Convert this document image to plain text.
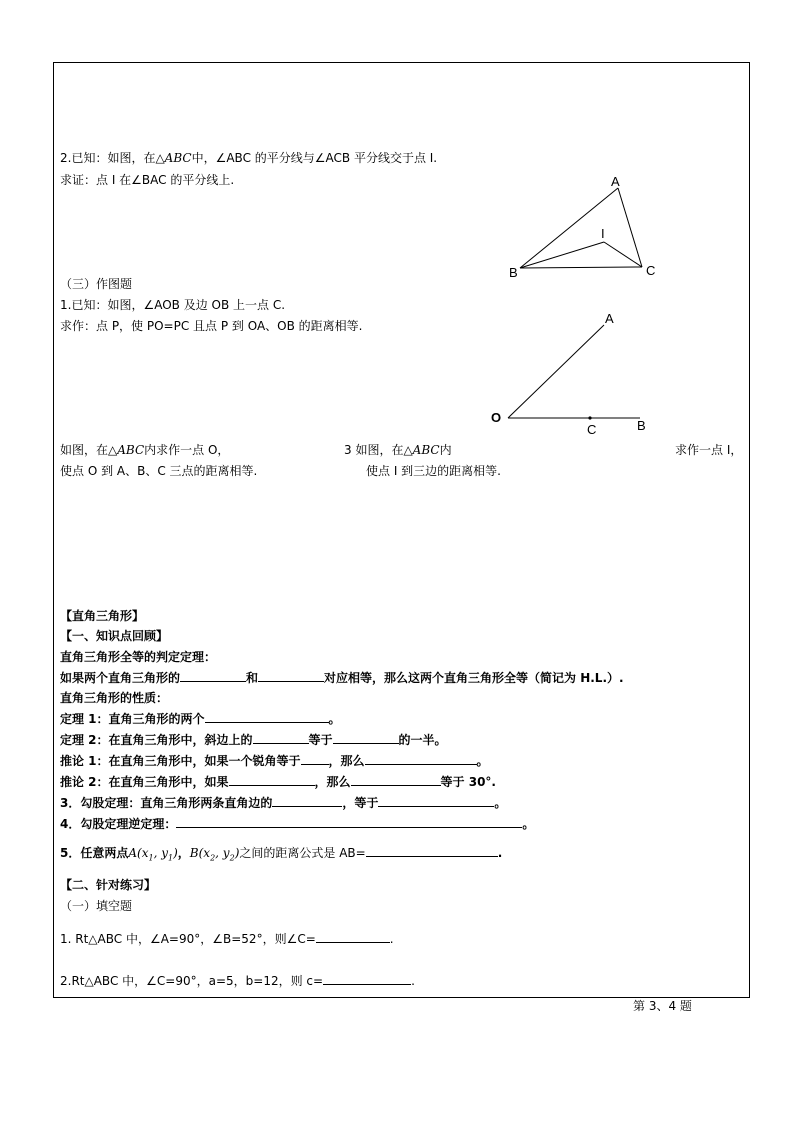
2.已知：如图，在△ABC中，∠ABC 的平分线与∠ACB 平分线交于点 I.
求证：点 I 在∠BAC 的平分线上.	A
I
B	C
（三）作图题
1.已知：如图，∠AOB 及边 OB 上一点 C.
求作：点 P，使 PO=PC 且点 P 到 OA、OB 的距离相等.	A
O
C	B
如图，在△ABC内求作一点 O，
使点 O 到 A、B、C 三点的距离相等.
3 如图，在△ABC内	求作一点 I，
使点 I 到三边的距离相等.
【直角三角形】
【一、知识点回顾】
直角三角形全等的判定定理：
如果两个直角三角形的	和	对应相等，那么这两个直角三角形全等（简记为 H.L.）.
直角三角形的性质：
定理 1：直角三角形的两个	。
定理 2：在直角三角形中，斜边上的	等于	的一半。
推论 1：在直角三角形中，如果一个锐角等于 ，那么	。
推论 2：在直角三角形中，如果	，那么	等于 30°.
3．勾股定理：直角三角形两条直角边的	，等于	。
4．勾股定理逆定理：	。
5．任意两点$A(x_1$, $y_1$)，$B(x_2$, $y_2$)之间的距离公式是 AB=	.
【二、针对练习】
（一）填空题
1. Rt△ABC 中，∠A=90°，∠B=52°，则∠C=	.
2.Rt△ABC 中，∠C=90°，a=5，b=12，则 c=	.
第 3、4 题
